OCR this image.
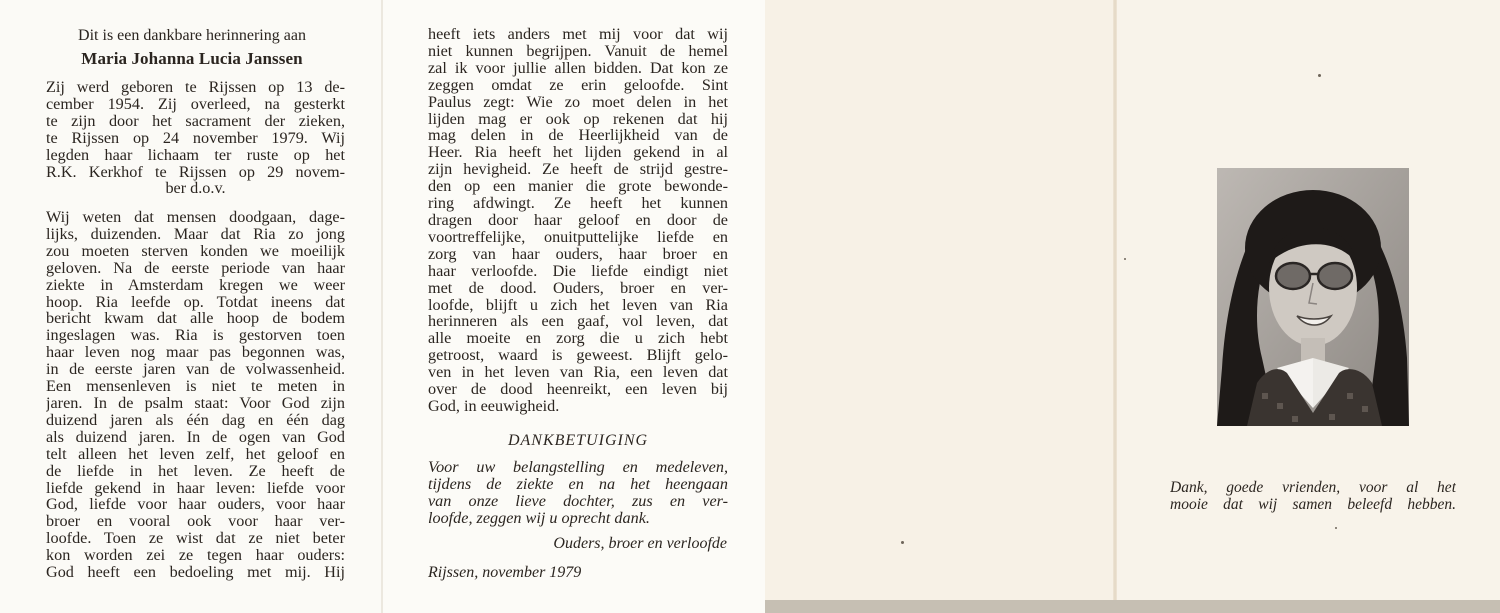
Dit is een dankbare herinnering aan
Maria Johanna Lucia Janssen
Zij werd geboren te Rijssen op 13 de-
cember 1954. Zij overleed, na gesterkt
te zijn door het sacrament der zieken,
te Rijssen op 24 november 1979. Wij
legden haar lichaam ter ruste op het
R.K. Kerkhof te Rijssen op 29 novem-
ber d.o.v.
Wij weten dat mensen doodgaan, dage-
lijks, duizenden. Maar dat Ria zo jong
zou moeten sterven konden we moeilijk
geloven. Na de eerste periode van haar
ziekte in Amsterdam kregen we weer
hoop. Ria leefde op. Totdat ineens dat
bericht kwam dat alle hoop de bodem
ingeslagen was. Ria is gestorven toen
haar leven nog maar pas begonnen was,
in de eerste jaren van de volwassenheid.
Een mensenleven is niet te meten in
jaren. In de psalm staat: Voor God zijn
duizend jaren als één dag en één dag
als duizend jaren. In de ogen van God
telt alleen het leven zelf, het geloof en
de liefde in het leven. Ze heeft de
liefde gekend in haar leven: liefde voor
God, liefde voor haar ouders, voor haar
broer en vooral ook voor haar ver-
loofde. Toen ze wist dat ze niet beter
kon worden zei ze tegen haar ouders:
God heeft een bedoeling met mij. Hij
heeft iets anders met mij voor dat wij
niet kunnen begrijpen. Vanuit de hemel
zal ik voor jullie allen bidden. Dat kon ze
zeggen omdat ze erin geloofde. Sint
Paulus zegt: Wie zo moet delen in het
lijden mag er ook op rekenen dat hij
mag delen in de Heerlijkheid van de
Heer. Ria heeft het lijden gekend in al
zijn hevigheid. Ze heeft de strijd gestre-
den op een manier die grote bewonde-
ring afdwingt. Ze heeft het kunnen
dragen door haar geloof en door de
voortreffelijke, onuitputtelijke liefde en
zorg van haar ouders, haar broer en
haar verloofde. Die liefde eindigt niet
met de dood. Ouders, broer en ver-
loofde, blijft u zich het leven van Ria
herinneren als een gaaf, vol leven, dat
alle moeite en zorg die u zich hebt
getroost, waard is geweest. Blijft gelo-
ven in het leven van Ria, een leven dat
over de dood heenreikt, een leven bij
God, in eeuwigheid.
DANKBETUIGING
Voor uw belangstelling en medeleven,
tijdens de ziekte en na het heengaan
van onze lieve dochter, zus en ver-
loofde, zeggen wij u oprecht dank.
Ouders, broer en verloofde
Rijssen, november 1979
Dank, goede vrienden, voor al het
mooie dat wij samen beleefd hebben.
